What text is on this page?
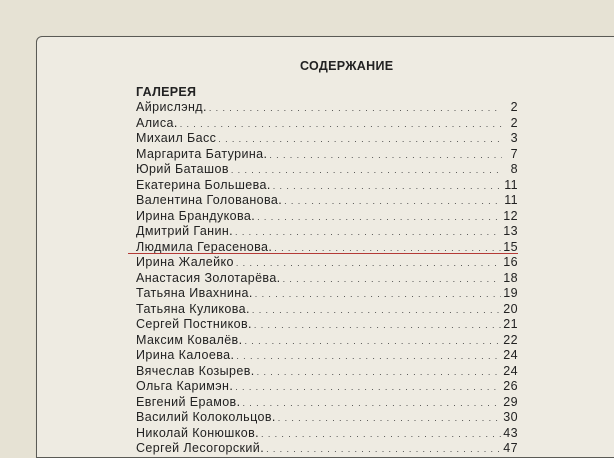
СОДЕРЖАНИЕ
ГАЛЕРЕЯ
Айрислэнд. . . .	2
Алиса. . . .	2
Михаил Басс . . .	3
Маргарита Батурина. . . .	7
Юрий Баташов . . .	8
Екатерина Большева. . . .	11
Валентина Голованова. . . .	11
Ирина Брандукова. . . .	12
Дмитрий Ганин. . . .	13
Людмила Герасенова. . . .	15
Ирина Жалейко . . .	16
Анастасия Золотарёва. . . .	18
Татьяна Ивахнина. . . .	19
Татьяна Куликова. . . .	20
Сергей Постников. . . .	21
Максим Ковалёв. . . .	22
Ирина Калоева. . . .	24
Вячеслав Козырев. . . .	24
Ольга Каримэн. . . .	26
Евгений Ерамов. . . .	29
Василий Колокольцов. . . .	30
Николай Конюшков. . . .	43
Сергей Лесогорский. . . .	47
